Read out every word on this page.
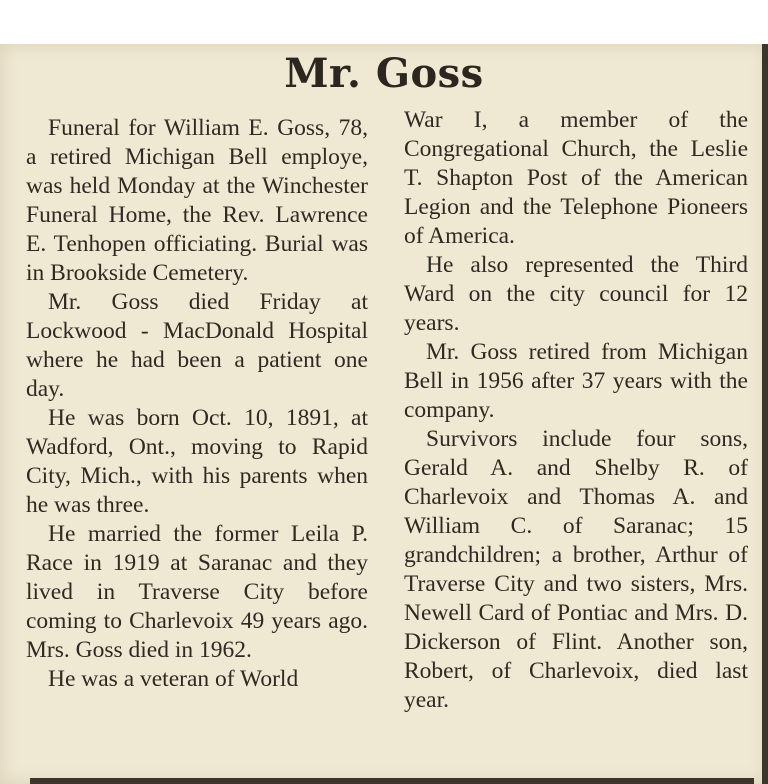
Mr. Goss

Funeral for William E. Goss, 78, a retired Michigan Bell employe, was held Monday at the Winchester Funeral Home, the Rev. Lawrence E. Tenhopen officiating. Burial was in Brookside Cemetery.

Mr. Goss died Friday at Lockwood - MacDonald Hospital where he had been a patient one day.

He was born Oct. 10, 1891, at Wadford, Ont., moving to Rapid City, Mich., with his parents when he was three.

He married the former Leila P. Race in 1919 at Saranac and they lived in Traverse City before coming to Charlevoix 49 years ago. Mrs. Goss died in 1962.

He was a veteran of World

War I, a member of the Congregational Church, the Leslie T. Shapton Post of the American Legion and the Telephone Pioneers of America.

He also represented the Third Ward on the city council for 12 years.

Mr. Goss retired from Michigan Bell in 1956 after 37 years with the company.

Survivors include four sons, Gerald A. and Shelby R. of Charlevoix and Thomas A. and William C. of Saranac; 15 grandchildren; a brother, Arthur of Traverse City and two sisters, Mrs. Newell Card of Pontiac and Mrs. D. Dickerson of Flint. Another son, Robert, of Charlevoix, died last year.
